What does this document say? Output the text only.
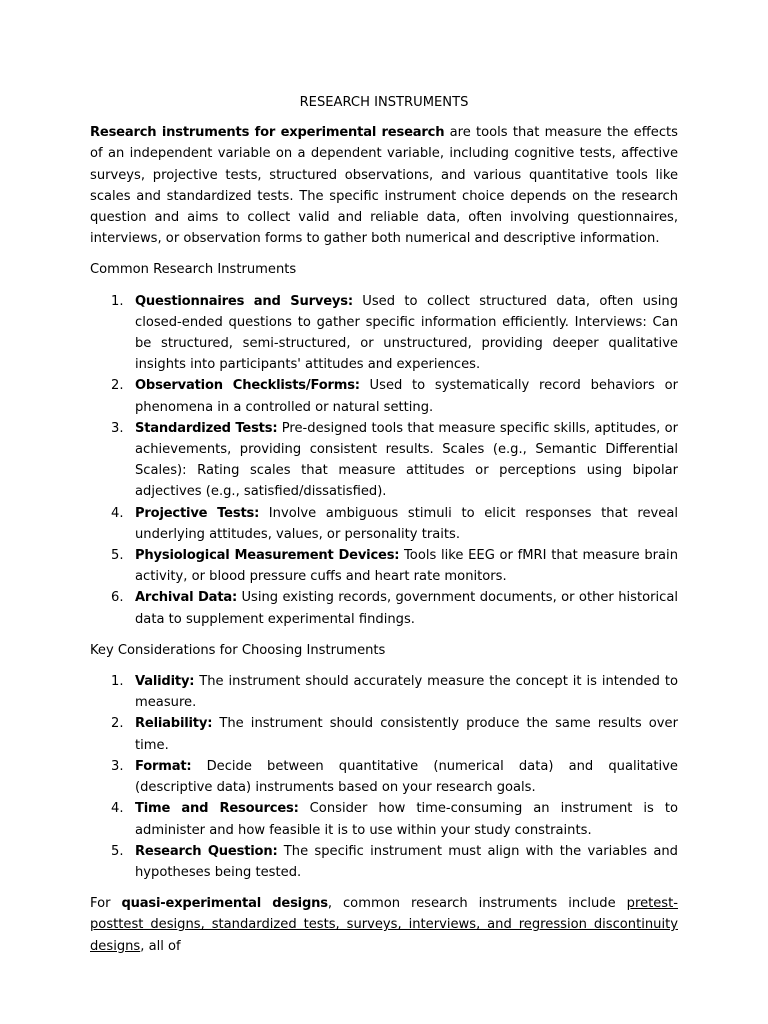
RESEARCH INSTRUMENTS

Research instruments for experimental research are tools that measure the effects of an independent variable on a dependent variable, including cognitive tests, affective surveys, projective tests, structured observations, and various quantitative tools like scales and standardized tests. The specific instrument choice depends on the research question and aims to collect valid and reliable data, often involving questionnaires, interviews, or observation forms to gather both numerical and descriptive information.

Common Research Instruments
1. Questionnaires and Surveys: Used to collect structured data, often using closed-ended questions to gather specific information efficiently. Interviews: Can be structured, semi-structured, or unstructured, providing deeper qualitative insights into participants' attitudes and experiences.
2. Observation Checklists/Forms: Used to systematically record behaviors or phenomena in a controlled or natural setting.
3. Standardized Tests: Pre-designed tools that measure specific skills, aptitudes, or achievements, providing consistent results. Scales (e.g., Semantic Differential Scales): Rating scales that measure attitudes or perceptions using bipolar adjectives (e.g., satisfied/dissatisfied).
4. Projective Tests: Involve ambiguous stimuli to elicit responses that reveal underlying attitudes, values, or personality traits.
5. Physiological Measurement Devices: Tools like EEG or fMRI that measure brain activity, or blood pressure cuffs and heart rate monitors.
6. Archival Data: Using existing records, government documents, or other historical data to supplement experimental findings.
Key Considerations for Choosing Instruments
1. Validity: The instrument should accurately measure the concept it is intended to measure.
2. Reliability: The instrument should consistently produce the same results over time.
3. Format: Decide between quantitative (numerical data) and qualitative (descriptive data) instruments based on your research goals.
4. Time and Resources: Consider how time-consuming an instrument is to administer and how feasible it is to use within your study constraints.
5. Research Question: The specific instrument must align with the variables and hypotheses being tested.

For quasi-experimental designs, common research instruments include pretest-posttest designs, standardized tests, surveys, interviews, and regression discontinuity designs, all of
